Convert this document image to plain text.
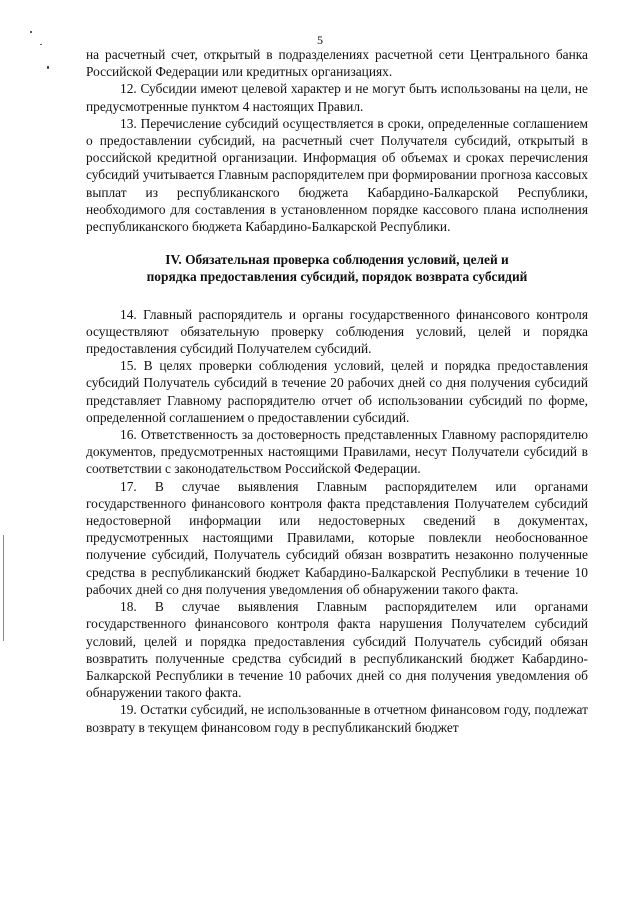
5

на расчетный счет, открытый в подразделениях расчетной сети Центрального банка Российской Федерации или кредитных организациях.

12. Субсидии имеют целевой характер и не могут быть использованы на цели, не предусмотренные пунктом 4 настоящих Правил.

13. Перечисление субсидий осуществляется в сроки, определенные соглашением о предоставлении субсидий, на расчетный счет Получателя субсидий, открытый в российской кредитной организации. Информация об объемах и сроках перечисления субсидий учитывается Главным распорядителем при формировании прогноза кассовых выплат из республиканского бюджета Кабардино-Балкарской Республики, необходимого для составления в установленном порядке кассового плана исполнения республиканского бюджета Кабардино-Балкарской Республики.

IV. Обязательная проверка соблюдения условий, целей и
порядка предоставления субсидий, порядок возврата субсидий

14. Главный распорядитель и органы государственного финансового контроля осуществляют обязательную проверку соблюдения условий, целей и порядка предоставления субсидий Получателем субсидий.

15. В целях проверки соблюдения условий, целей и порядка предоставления субсидий Получатель субсидий в течение 20 рабочих дней со дня получения субсидий представляет Главному распорядителю отчет об использовании субсидий по форме, определенной соглашением о предоставлении субсидий.

16. Ответственность за достоверность представленных Главному распорядителю документов, предусмотренных настоящими Правилами, несут Получатели субсидий в соответствии с законодательством Российской Федерации.

17. В случае выявления Главным распорядителем или органами государственного финансового контроля факта представления Получателем субсидий недостоверной информации или недостоверных сведений в документах, предусмотренных настоящими Правилами, которые повлекли необоснованное получение субсидий, Получатель субсидий обязан возвратить незаконно полученные средства в республиканский бюджет Кабардино-Балкарской Республики в течение 10 рабочих дней со дня получения уведомления об обнаружении такого факта.

18. В случае выявления Главным распорядителем или органами государственного финансового контроля факта нарушения Получателем субсидий условий, целей и порядка предоставления субсидий Получатель субсидий обязан возвратить полученные средства субсидий в республиканский бюджет Кабардино-Балкарской Республики в течение 10 рабочих дней со дня получения уведомления об обнаружении такого факта.

19. Остатки субсидий, не использованные в отчетном финансовом году, подлежат возврату в текущем финансовом году в республиканский бюджет
